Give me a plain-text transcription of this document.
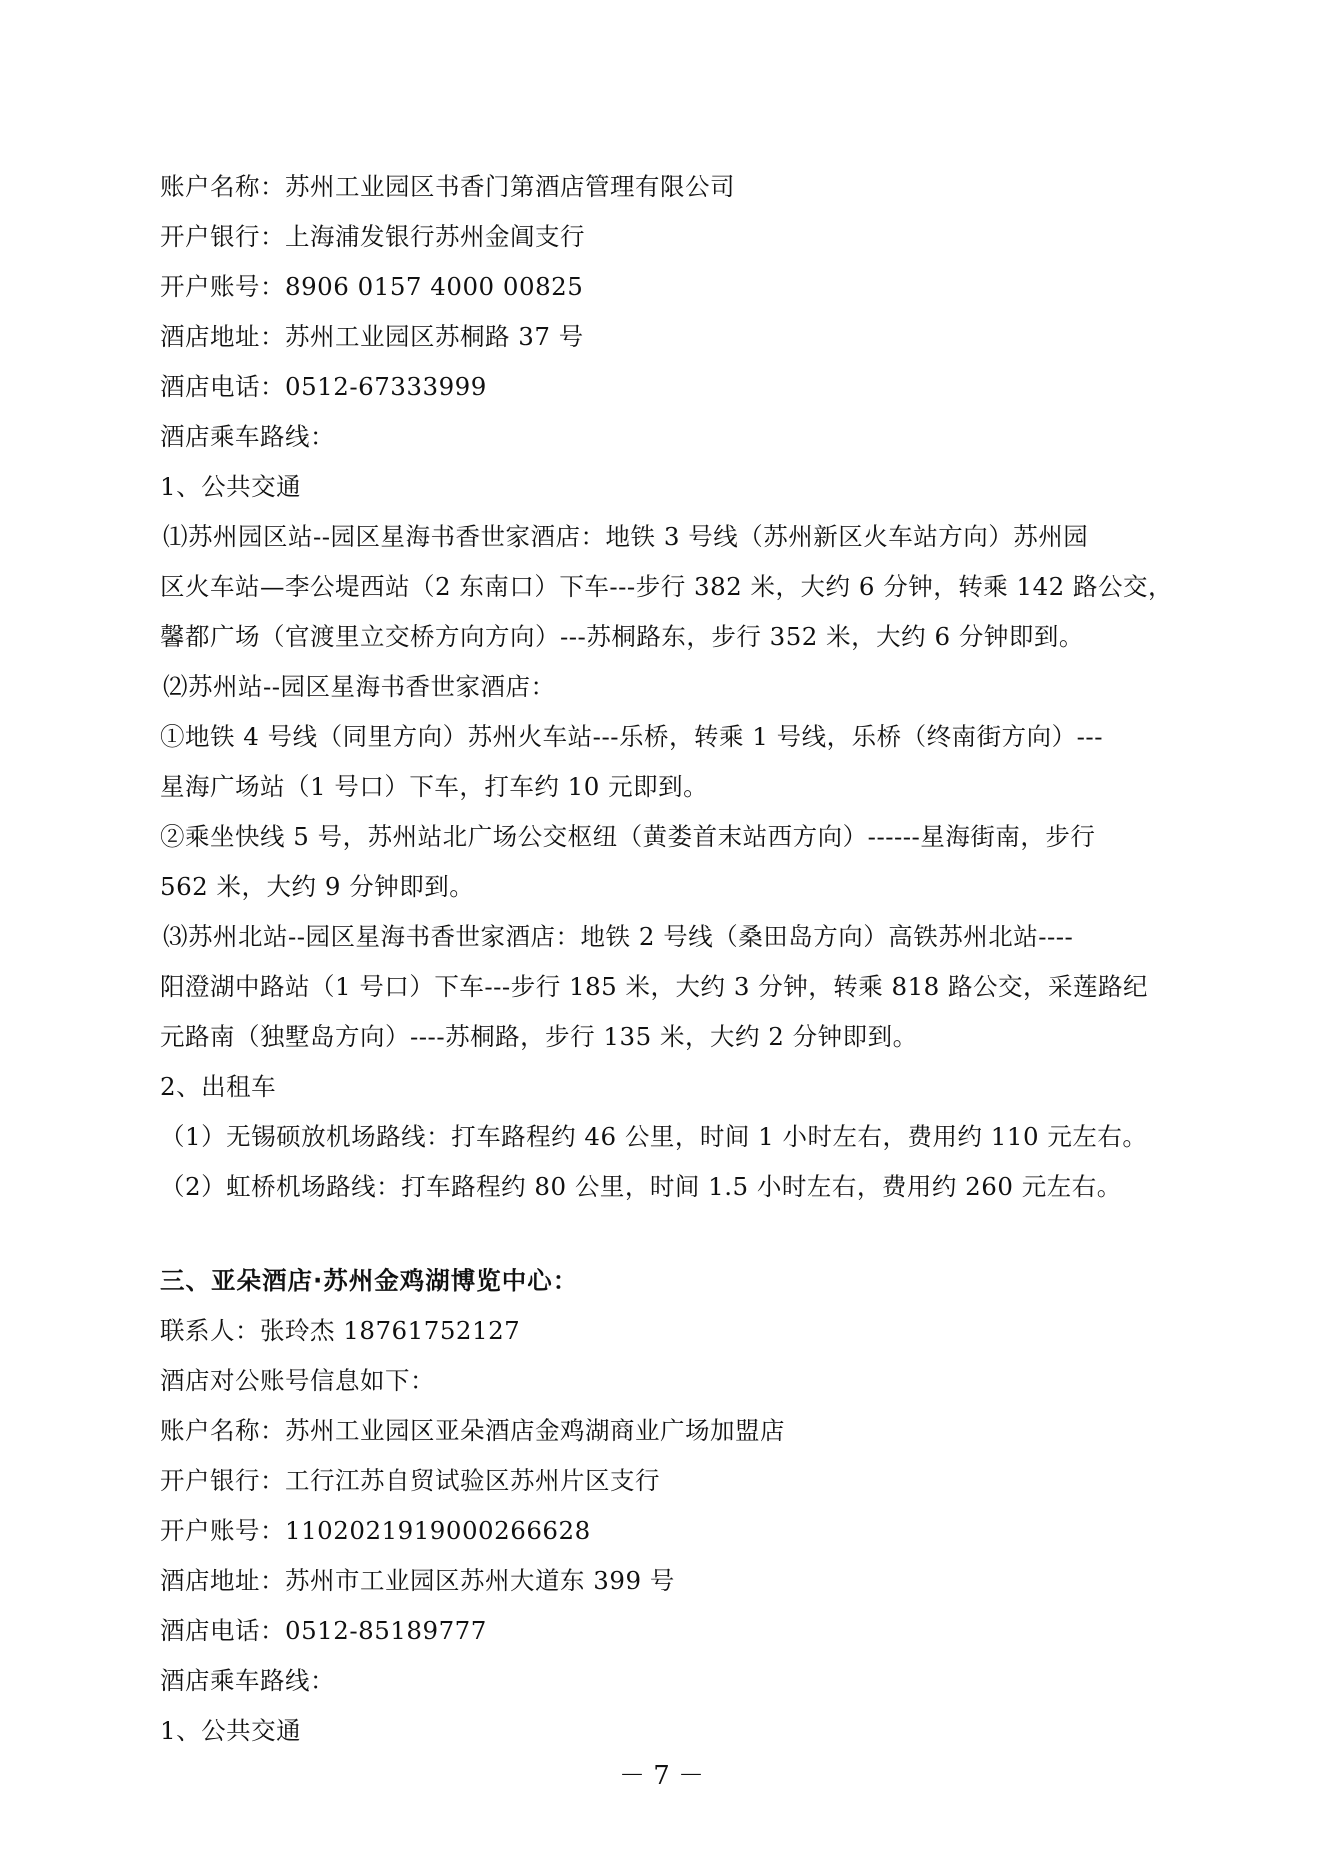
账户名称：苏州工业园区书香门第酒店管理有限公司
开户银行：上海浦发银行苏州金阊支行
开户账号：8906 0157 4000 00825
酒店地址：苏州工业园区苏桐路 37 号
酒店电话：0512-67333999
酒店乘车路线：
1、公共交通
⑴苏州园区站--园区星海书香世家酒店：地铁 3 号线（苏州新区火车站方向）苏州园
区火车站—李公堤西站（2 东南口）下车---步行 382 米，大约 6 分钟，转乘 142 路公交，
馨都广场（官渡里立交桥方向方向）---苏桐路东，步行 352 米，大约 6 分钟即到。
⑵苏州站--园区星海书香世家酒店：
①地铁 4 号线（同里方向）苏州火车站---乐桥，转乘 1 号线，乐桥（终南街方向）---
星海广场站（1 号口）下车，打车约 10 元即到。
②乘坐快线 5 号，苏州站北广场公交枢纽（黄娄首末站西方向）------星海街南，步行
562 米，大约 9 分钟即到。
⑶苏州北站--园区星海书香世家酒店：地铁 2 号线（桑田岛方向）高铁苏州北站----
阳澄湖中路站（1 号口）下车---步行 185 米，大约 3 分钟，转乘 818 路公交，采莲路纪
元路南（独墅岛方向）----苏桐路，步行 135 米，大约 2 分钟即到。
2、出租车
（1）无锡硕放机场路线：打车路程约 46 公里，时间 1 小时左右，费用约 110 元左右。
（2）虹桥机场路线：打车路程约 80 公里，时间 1.5 小时左右，费用约 260 元左右。
三、亚朵酒店·苏州金鸡湖博览中心：
联系人：张玲杰 18761752127
酒店对公账号信息如下：
账户名称：苏州工业园区亚朵酒店金鸡湖商业广场加盟店
开户银行：工行江苏自贸试验区苏州片区支行
开户账号：1102021919000266628
酒店地址：苏州市工业园区苏州大道东 399 号
酒店电话：0512-85189777
酒店乘车路线：
1、公共交通
－ 7 －
